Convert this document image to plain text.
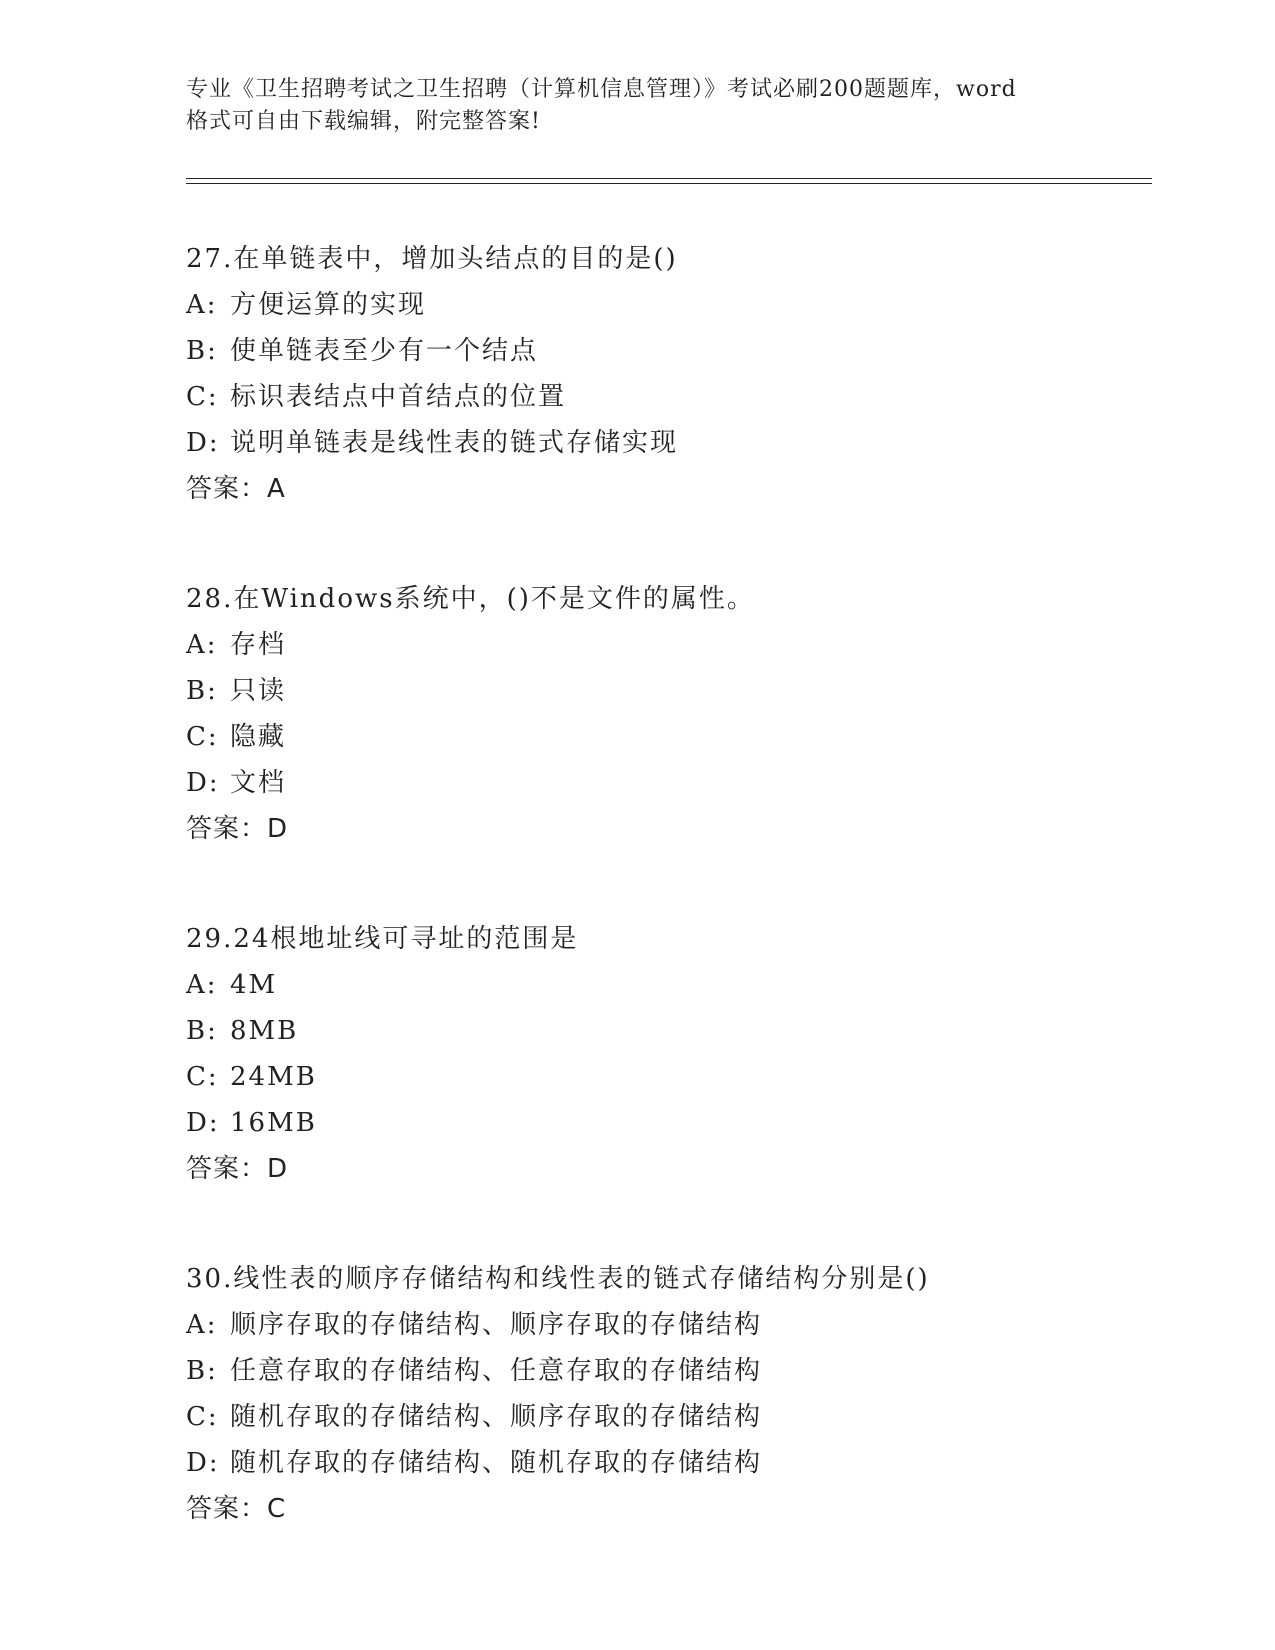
专业《卫生招聘考试之卫生招聘（计算机信息管理）》考试必刷200题题库，word
格式可自由下载编辑，附完整答案!
27.在单链表中，增加头结点的目的是()
A: 方便运算的实现
B: 使单链表至少有一个结点
C: 标识表结点中首结点的位置
D: 说明单链表是线性表的链式存储实现
答案：A
28.在Windows系统中，()不是文件的属性。
A: 存档
B: 只读
C: 隐藏
D: 文档
答案：D
29.24根地址线可寻址的范围是
A: 4M
B: 8MB
C: 24MB
D: 16MB
答案：D
30.线性表的顺序存储结构和线性表的链式存储结构分别是()
A: 顺序存取的存储结构、顺序存取的存储结构
B: 任意存取的存储结构、任意存取的存储结构
C: 随机存取的存储结构、顺序存取的存储结构
D: 随机存取的存储结构、随机存取的存储结构
答案：C
